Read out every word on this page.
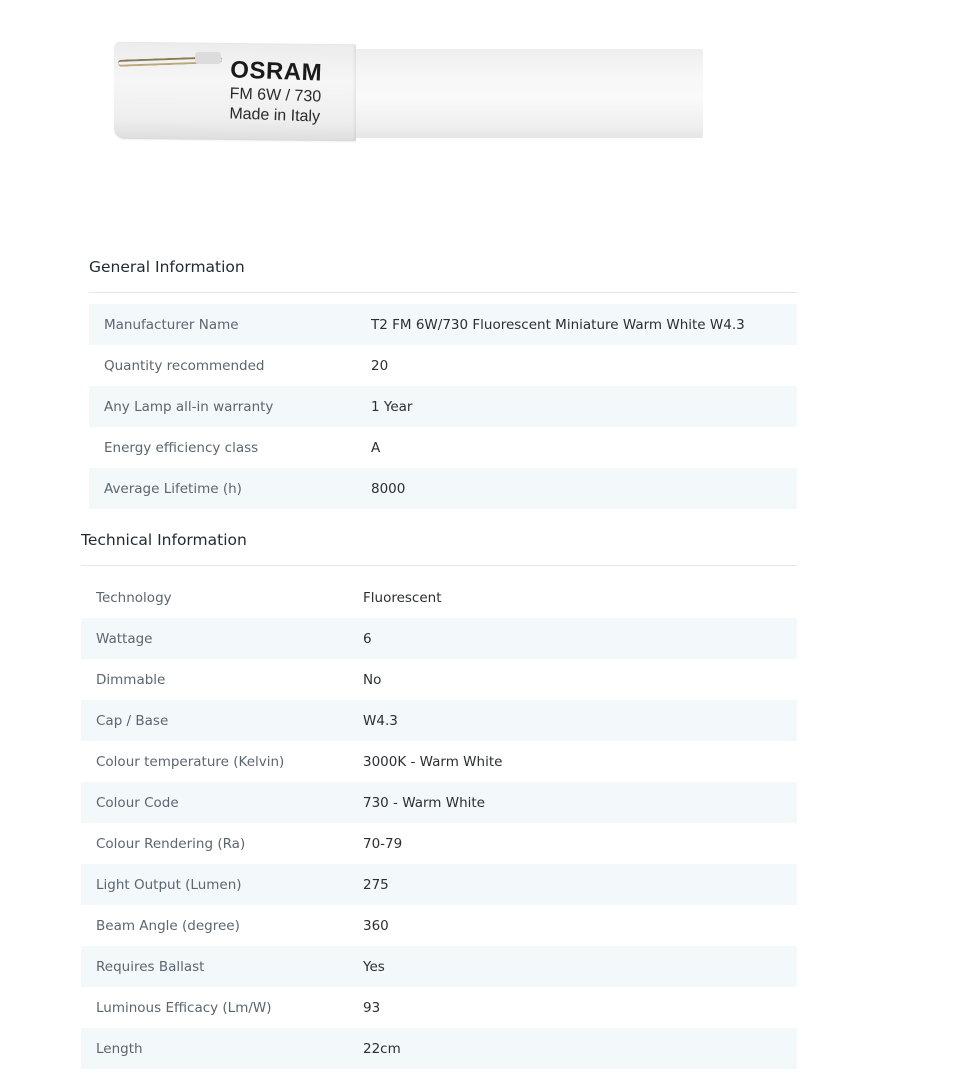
OSRAM
FM 6W / 730
Made in Italy
General Information
Manufacturer Name	T2 FM 6W/730 Fluorescent Miniature Warm White W4.3
Quantity recommended	20
Any Lamp all-in warranty	1 Year
Energy efficiency class	A
Average Lifetime (h)	8000
Technical Information
Technology	Fluorescent
Wattage	6
Dimmable	No
Cap / Base	W4.3
Colour temperature (Kelvin)	3000K - Warm White
Colour Code	730 - Warm White
Colour Rendering (Ra)	70-79
Light Output (Lumen)	275
Beam Angle (degree)	360
Requires Ballast	Yes
Luminous Efficacy (Lm/W)	93
Length	22cm
